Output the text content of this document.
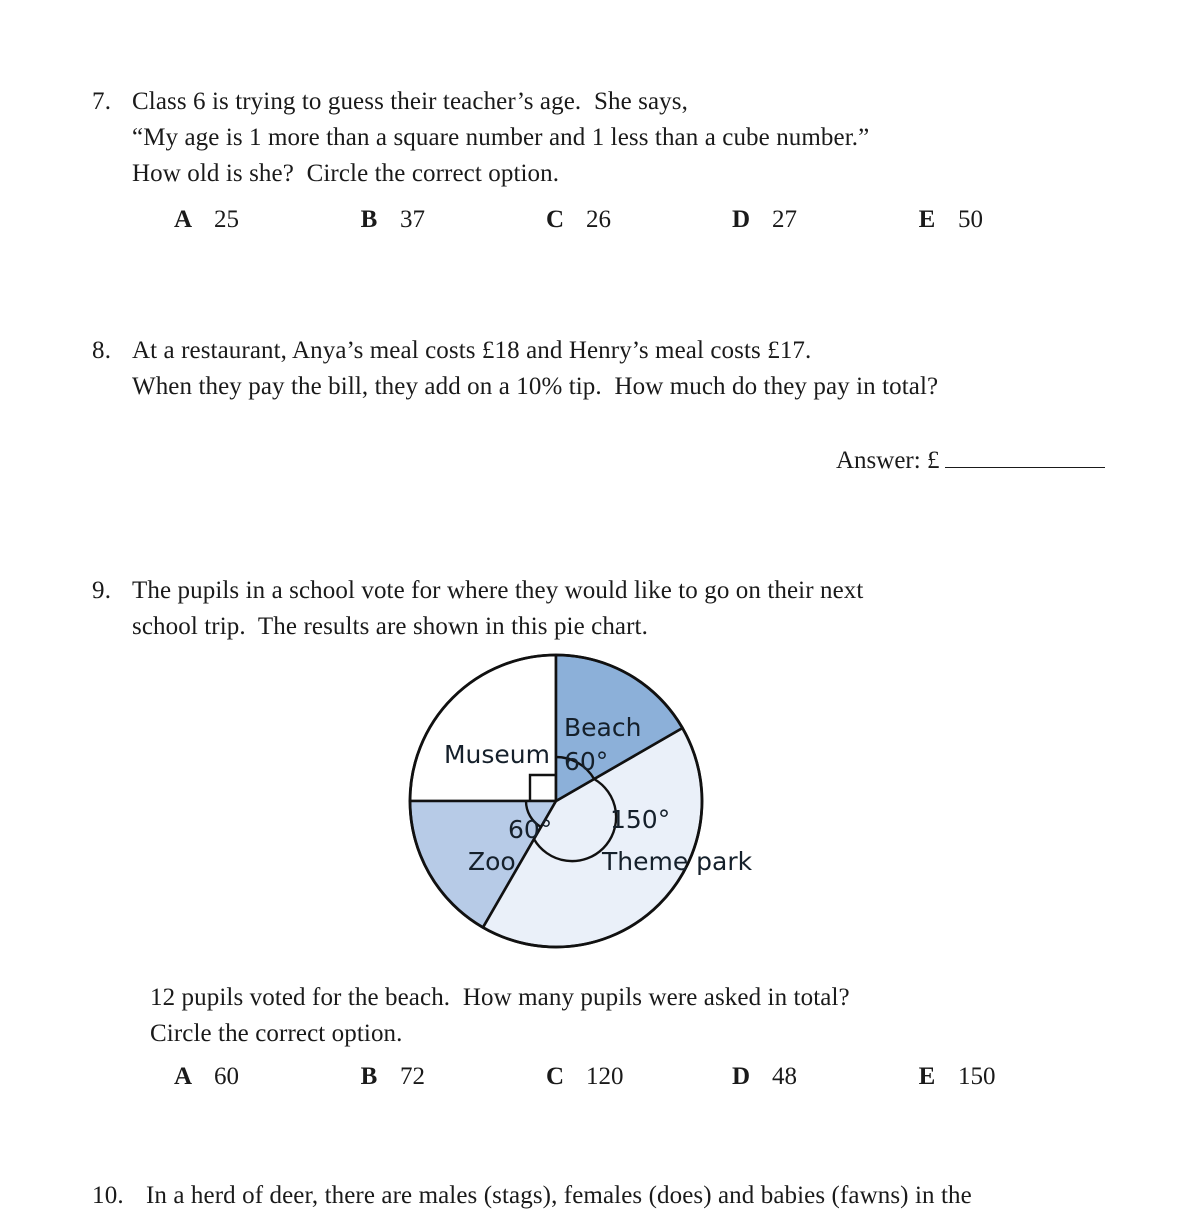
7. Class 6 is trying to guess their teacher’s age.  She says,
“My age is 1 more than a square number and 1 less than a cube number.”
How old is she?  Circle the correct option.
A 25	B 37	C 26	D 27	E 50
8. At a restaurant, Anya’s meal costs £18 and Henry’s meal costs £17.
When they pay the bill, they add on a 10% tip.  How much do they pay in total?
Answer: £
9. The pupils in a school vote for where they would like to go on their next
school trip.  The results are shown in this pie chart.
Museum
Beach
60°
150°
Theme park
60°
Zoo
12 pupils voted for the beach.  How many pupils were asked in total?
Circle the correct option.
A 60	B 72	C 120	D 48	E 150
10. In a herd of deer, there are males (stags), females (does) and babies (fawns) in the
